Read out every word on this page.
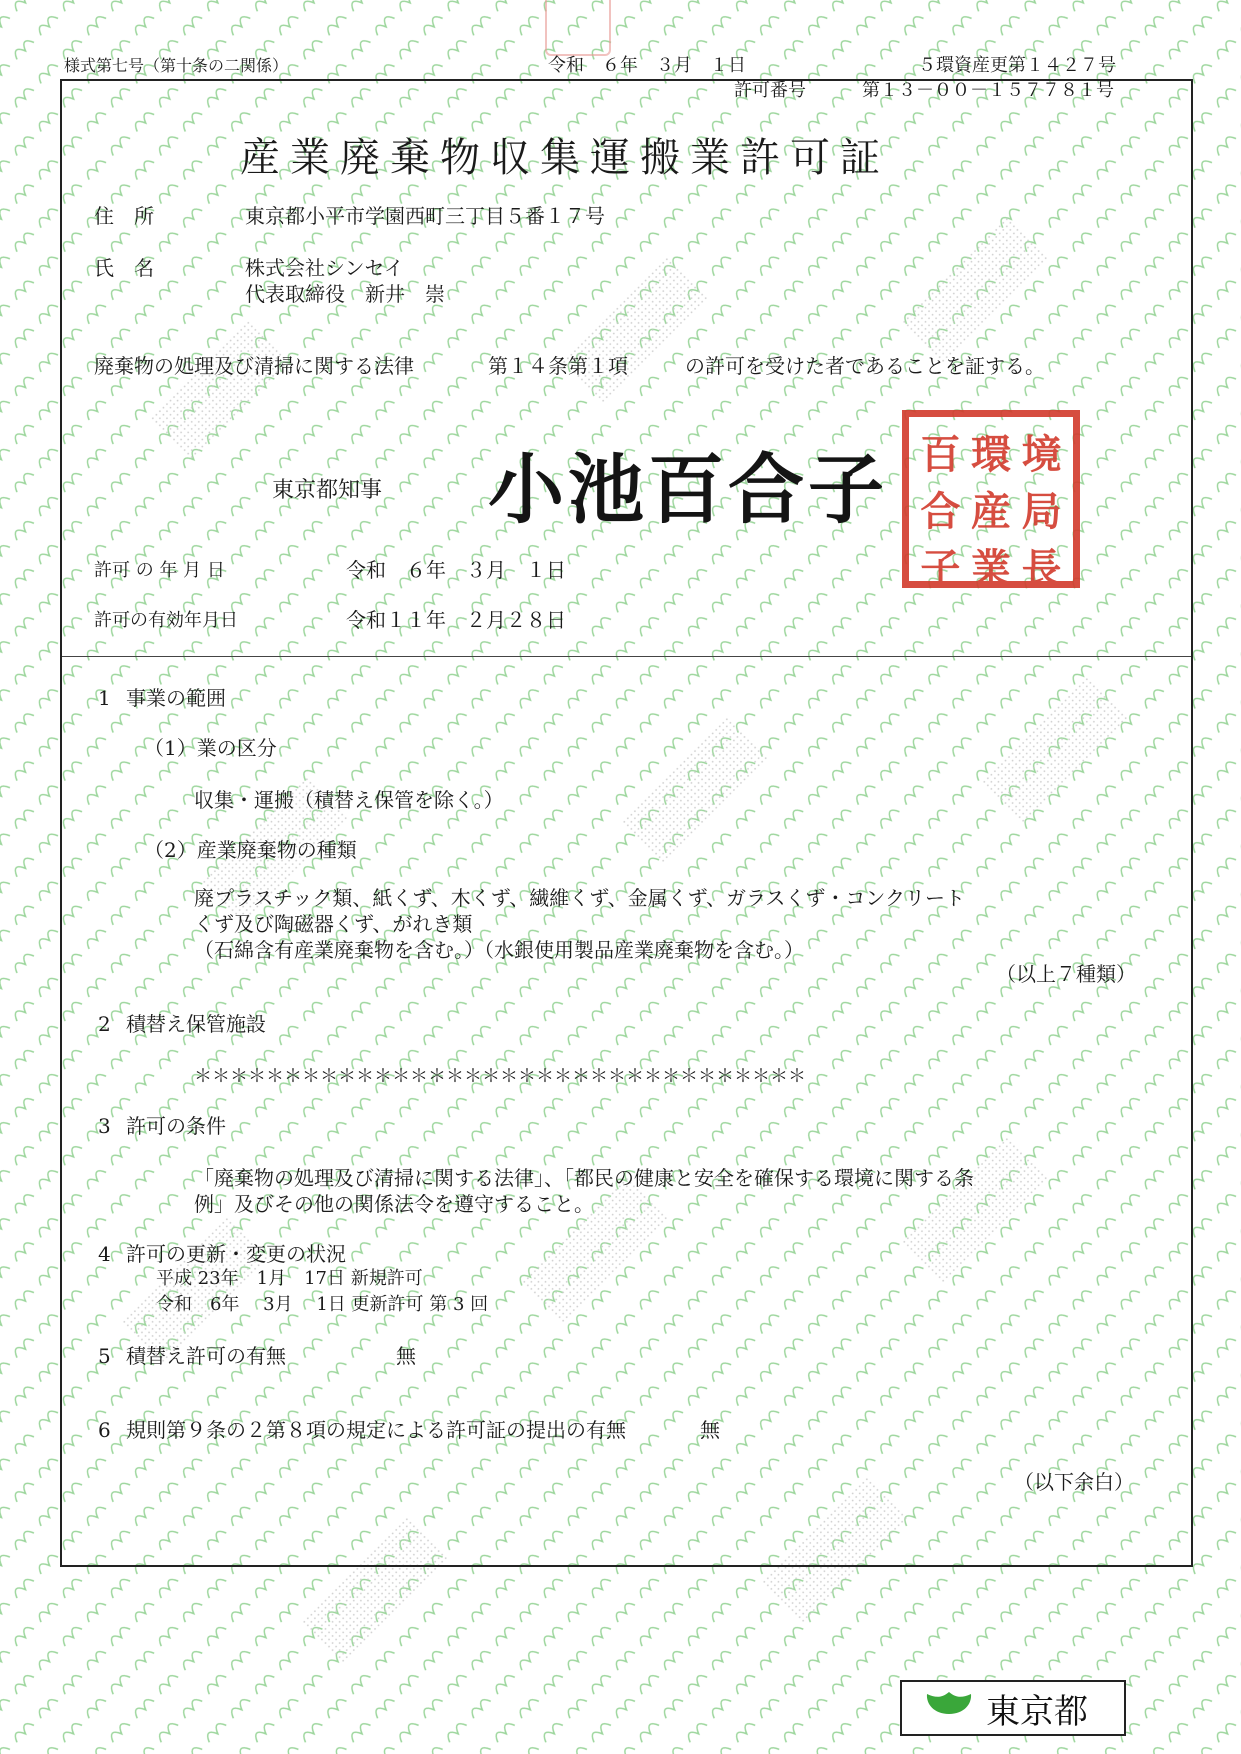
様式第七号（第十条の二関係）	令和　６年　３月　１日	５環資産更第１４２７号
許可番号	第１３－００－１５７７８１号
産業廃棄物収集運搬業許可証
住　所	東京都小平市学園西町三丁目５番１７号
氏　名	株式会社シンセイ
代表取締役　新井　崇
廃棄物の処理及び清掃に関する法律	第１４条第１項	の許可を受けた者であることを証する。
東京都知事 小池百合子 百 環 境
合 産 局
子 業 長
許可 の 年 月 日	令和　６年　３月　１日
許可の有効年月日	令和１１年　２月２８日
1 事業の範囲
（1）業の区分
収集・運搬（積替え保管を除く。）
（2）産業廃棄物の種類
廃プラスチック類、紙くず、木くず、繊維くず、金属くず、ガラスくず・コンクリート
くず及び陶磁器くず、がれき類
（石綿含有産業廃棄物を含む。）（水銀使用製品産業廃棄物を含む。）
（以上７種類）
2 積替え保管施設
＊＊＊＊＊＊＊＊＊＊＊＊＊＊＊＊＊＊＊＊＊＊＊＊＊＊＊＊＊＊＊＊＊＊
3 許可の条件
「廃棄物の処理及び清掃に関する法律」、「都民の健康と安全を確保する環境に関する条
例」及びその他の関係法令を遵守すること。
4 許可の更新・変更の状況
平成 23年　1月　17日 新規許可
令和　6年　 3月　 1日 更新許可 第 3 回
5 積替え許可の有無	無
6 規則第９条の２第８項の規定による許可証の提出の有無	無
（以下余白）
東京都
